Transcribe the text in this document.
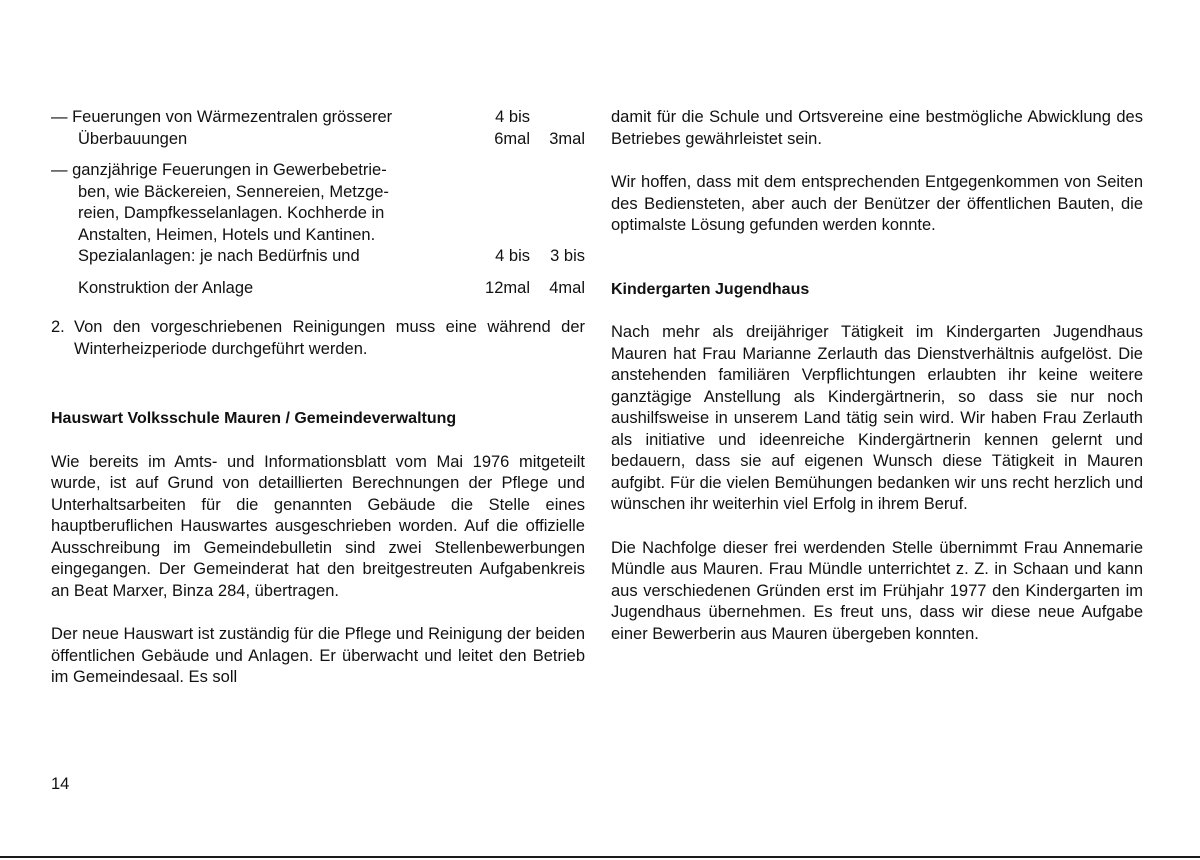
— Feuerungen von Wärmezentralen grösserer	4 bis
Überbauungen	6mal	3mal
— ganzjährige Feuerungen in Gewerbebetrie-
ben, wie Bäckereien, Sennereien, Metzge-
reien, Dampfkesselanlagen. Kochherde in
Anstalten, Heimen, Hotels und Kantinen.
Spezialanlagen: je nach Bedürfnis und	4 bis	3 bis
Konstruktion der Anlage	12mal	4mal
2. Von den vorgeschriebenen Reinigungen muss eine während der Winterheizperiode durchgeführt werden.
Hauswart Volksschule Mauren / Gemeindeverwaltung

Wie bereits im Amts- und Informationsblatt vom Mai 1976 mitgeteilt wurde, ist auf Grund von detaillierten Berechnungen der Pflege und Unterhaltsarbeiten für die genannten Gebäude die Stelle eines hauptberuflichen Hauswartes ausgeschrieben worden. Auf die offizielle Ausschreibung im Gemeindebulletin sind zwei Stellenbewerbungen eingegangen. Der Gemeinderat hat den breitgestreuten Aufgabenkreis an Beat Marxer, Binza 284, übertragen.

Der neue Hauswart ist zuständig für die Pflege und Reinigung der beiden öffentlichen Gebäude und Anlagen. Er überwacht und leitet den Betrieb im Gemeindesaal. Es soll

damit für die Schule und Ortsvereine eine bestmögliche Abwicklung des Betriebes gewährleistet sein.

Wir hoffen, dass mit dem entsprechenden Entgegenkommen von Seiten des Bediensteten, aber auch der Benützer der öffentlichen Bauten, die optimalste Lösung gefunden werden konnte.

Kindergarten Jugendhaus

Nach mehr als dreijähriger Tätigkeit im Kindergarten Jugendhaus Mauren hat Frau Marianne Zerlauth das Dienstverhältnis aufgelöst. Die anstehenden familiären Verpflichtungen erlaubten ihr keine weitere ganztägige Anstellung als Kindergärtnerin, so dass sie nur noch aushilfsweise in unserem Land tätig sein wird. Wir haben Frau Zerlauth als initiative und ideenreiche Kindergärtnerin kennen gelernt und bedauern, dass sie auf eigenen Wunsch diese Tätigkeit in Mauren aufgibt. Für die vielen Bemühungen bedanken wir uns recht herzlich und wünschen ihr weiterhin viel Erfolg in ihrem Beruf.

Die Nachfolge dieser frei werdenden Stelle übernimmt Frau Annemarie Mündle aus Mauren. Frau Mündle unterrichtet z. Z. in Schaan und kann aus verschiedenen Gründen erst im Frühjahr 1977 den Kindergarten im Jugendhaus übernehmen. Es freut uns, dass wir diese neue Aufgabe einer Bewerberin aus Mauren übergeben konnten.

14
